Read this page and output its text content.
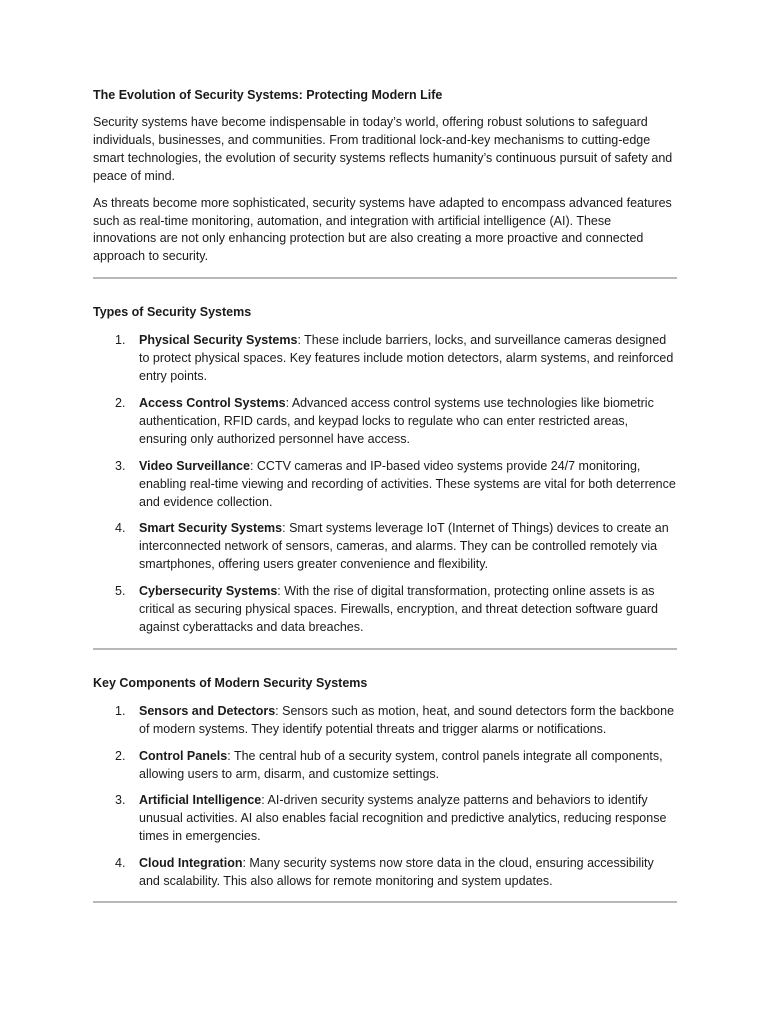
The Evolution of Security Systems: Protecting Modern Life

Security systems have become indispensable in today’s world, offering robust solutions to safeguard individuals, businesses, and communities. From traditional lock-and-key mechanisms to cutting-edge smart technologies, the evolution of security systems reflects humanity’s continuous pursuit of safety and peace of mind.

As threats become more sophisticated, security systems have adapted to encompass advanced features such as real-time monitoring, automation, and integration with artificial intelligence (AI). These innovations are not only enhancing protection but are also creating a more proactive and connected approach to security.

Types of Security Systems
1. Physical Security Systems: These include barriers, locks, and surveillance cameras designed to protect physical spaces. Key features include motion detectors, alarm systems, and reinforced entry points.
2. Access Control Systems: Advanced access control systems use technologies like biometric authentication, RFID cards, and keypad locks to regulate who can enter restricted areas, ensuring only authorized personnel have access.
3. Video Surveillance: CCTV cameras and IP-based video systems provide 24/7 monitoring, enabling real-time viewing and recording of activities. These systems are vital for both deterrence and evidence collection.
4. Smart Security Systems: Smart systems leverage IoT (Internet of Things) devices to create an interconnected network of sensors, cameras, and alarms. They can be controlled remotely via smartphones, offering users greater convenience and flexibility.
5. Cybersecurity Systems: With the rise of digital transformation, protecting online assets is as critical as securing physical spaces. Firewalls, encryption, and threat detection software guard against cyberattacks and data breaches.
Key Components of Modern Security Systems
1. Sensors and Detectors: Sensors such as motion, heat, and sound detectors form the backbone of modern systems. They identify potential threats and trigger alarms or notifications.
2. Control Panels: The central hub of a security system, control panels integrate all components, allowing users to arm, disarm, and customize settings.
3. Artificial Intelligence: AI-driven security systems analyze patterns and behaviors to identify unusual activities. AI also enables facial recognition and predictive analytics, reducing response times in emergencies.
4. Cloud Integration: Many security systems now store data in the cloud, ensuring accessibility and scalability. This also allows for remote monitoring and system updates.
